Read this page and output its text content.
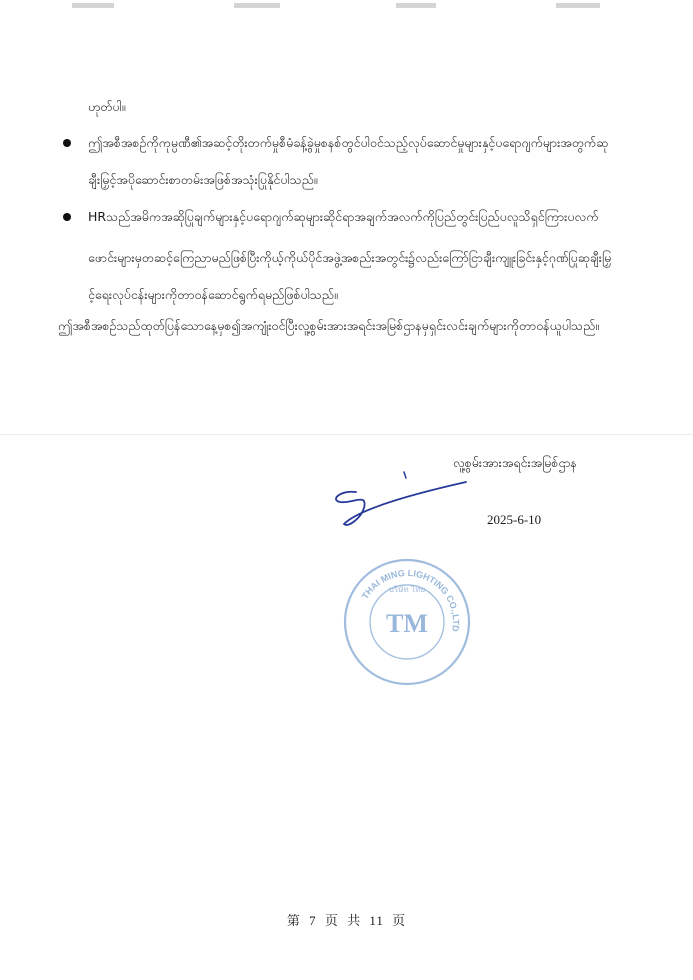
ဟုတ်ပါ။
ဤအစီအစဉ်ကိုကုမ္ပဏီ၏အဆင့်တိုးတက်မှုစီမံခန့်ခွဲမှုစနစ်တွင်ပါဝင်သည့်လုပ်ဆောင်မှုများနှင့်ပရောဂျက်များအတွက်ဆု
ချီးမြှင့်အပိုဆောင်းစာတမ်းအဖြစ်အသုံးပြုနိုင်ပါသည်။
HRသည်အမိကအဆိုပြုချက်များနှင့်ပရောဂျက်ဆုများဆိုင်ရာအချက်အလက်ကိုပြည်တွင်းပြည်ပလူသိရှင်ကြားပလက်
ဖောင်းများမှတဆင့်ကြေညာမည်ဖြစ်ပြီးကိုယ့်ကိုယ်ပိုင်အဖွဲ့အစည်းအတွင်း၌လည်းကြော်ငြာချီးကျူးခြင်းနှင့်ဂုဏ်ပြုဆုချီးမြှ
င့်ရေးလုပ်ငန်းများကိုတာဝန်ဆောင်ရွက်ရမည်ဖြစ်ပါသည်။
ဤအစီအစဉ်သည်ထုတ်ပြန်သောနေ့မှစ၍အကျုံးဝင်ပြီးလူ့စွမ်းအားအရင်းအမြစ်ဌာနမှရှင်းလင်းချက်များကိုတာဝန်ယူပါသည်။
လူ့စွမ်းအားအရင်းအမြစ်ဌာန
2025-6-10
THAI MING LIGHTING CO.,LTD
บริษัท ไทย
TM
第 7 页 共 11 页
